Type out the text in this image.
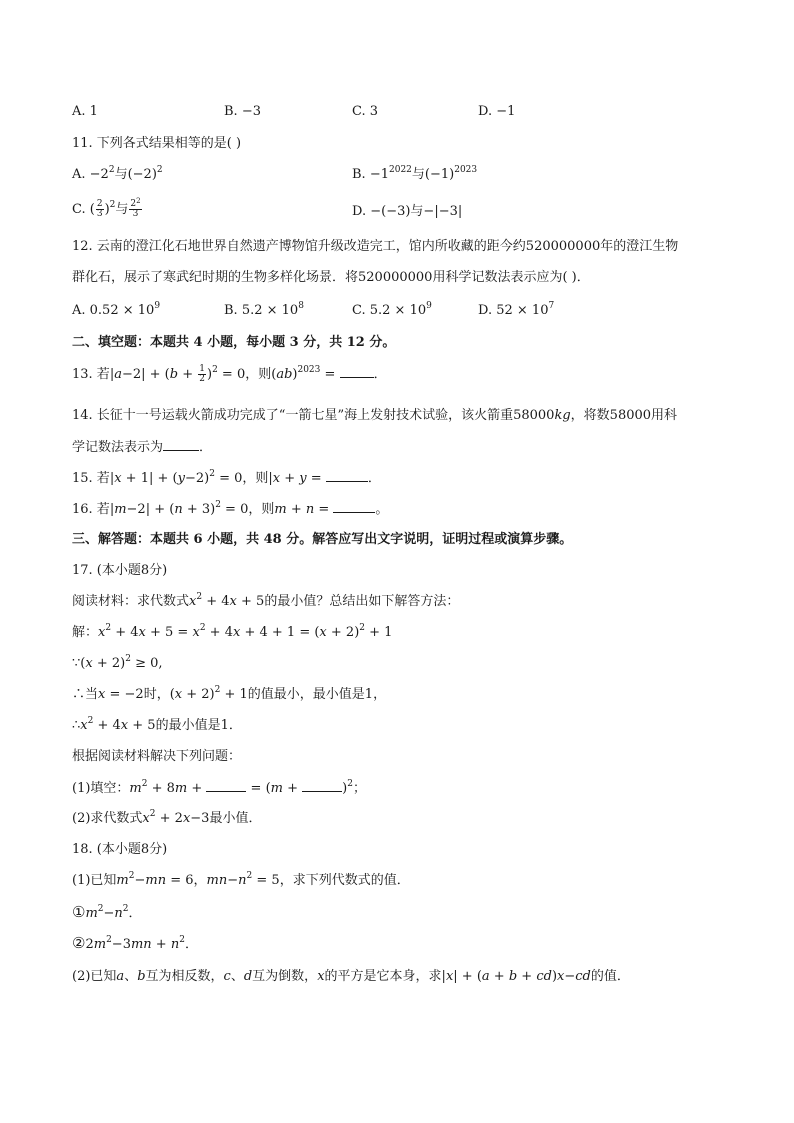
A. 1	B. −3	C. 3	D. −1
11. 下列各式结果相等的是( )
A. $-2^2$与$(-2)^2$	B. $-1^{2022}$与$(-1)^{2023}$
C. ( $\frac{2}{3} )^2$与 $\frac{2^2}{3}$	D. −(−3)与−|−3|
12. 云南的澄江化石地世界自然遗产博物馆升级改造完工，馆内所收藏的距今约520000000年的澄江生物
群化石，展示了寒武纪时期的生物多样化场景．将520000000用科学记数法表示应为( )．
A. $0.52 \times 10^9$	B. $5.2 \times 10^8$	C. $5.2 \times 10^9$	D. $52 \times 10^7$
二、填空题：本题共 4 小题，每小题 3 分，共 12 分。
13. 若$|a-2| + (b + \frac{1}{2} )^2 = 0$，则(ab)$^{2023}$ =	．
14. 长征十一号运载火箭成功完成了“一箭七星”海上发射技术试验，该火箭重58000kg，将数58000用科
学记数法表示为	．
15. 若$|x + 1| + (y-2)^2 = 0$，则|x + y =	．
16. 若$|m-2| + (n + 3)^2 = 0$，则m + n =	。
三、解答题：本题共 6 小题，共 48 分。解答应写出文字说明，证明过程或演算步骤。
17. (本小题8分)
阅读材料：求代数式$x^2 + 4x + 5$的最小值？总结出如下解答方法：
解：$x^2 + 4x + 5 = x^2 + 4x + 4 + 1 = (x + 2)^2 + 1$
∵(x + 2)$^2$ ≥ 0,
∴当x = −2时，$(x + 2)^2 + 1$的值最小，最小值是1，
$\therefore x^2 + 4x + 5$的最小值是1．
根据阅读材料解决下列问题：
(1)填空：$m^2 + 8m$ +	= (m +	)$^2$；
(2)求代数式$x^2 + 2x-3$最小值．
18. (本小题8分)
(1)已知$m^2-mn = 6$，$mn-n^2 = 5$，求下列代数式的值．
$①m^2-n^2$．
$②2m^2-3mn + n^2$．
(2)已知a、b互为相反数，c、d互为倒数，x的平方是它本身，求|x| + (a + b + cd)x−cd的值．
